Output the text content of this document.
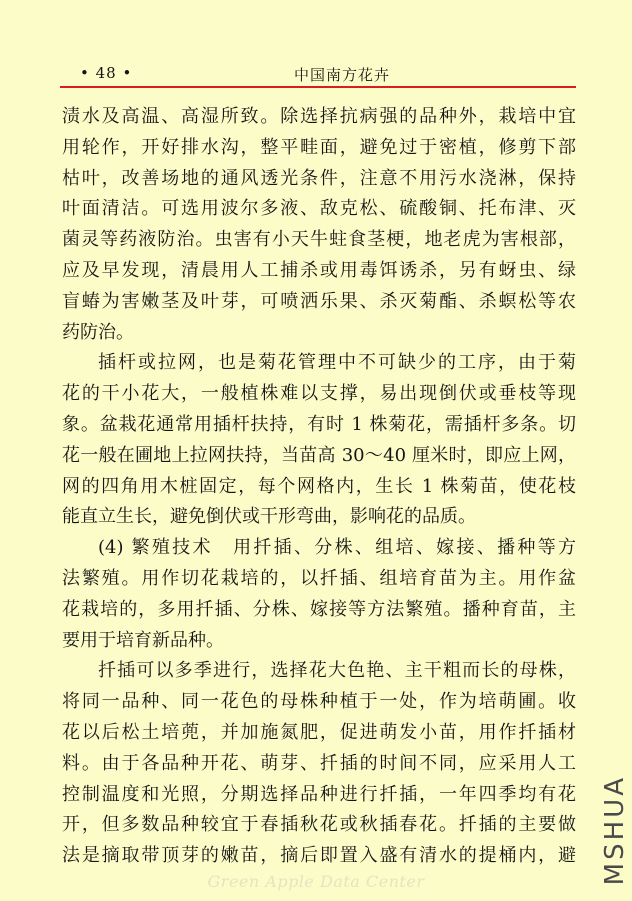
• 48 •	中国南方花卉
渍水及高温、高湿所致。除选择抗病强的品种外，栽培中宜
用轮作，开好排水沟，整平畦面，避免过于密植，修剪下部
枯叶，改善场地的通风透光条件，注意不用污水浇淋，保持
叶面清洁。可选用波尔多液、敌克松、硫酸铜、托布津、灭
菌灵等药液防治。虫害有小天牛蛀食茎梗，地老虎为害根部，
应及早发现，清晨用人工捕杀或用毒饵诱杀，另有蚜虫、绿
盲蝽为害嫩茎及叶芽，可喷洒乐果、杀灭菊酯、杀螟松等农
药防治。
插杆或拉网，也是菊花管理中不可缺少的工序，由于菊
花的干小花大，一般植株难以支撑，易出现倒伏或垂枝等现
象。盆栽花通常用插杆扶持，有时 1 株菊花，需插杆多条。切
花一般在圃地上拉网扶持，当苗高 30～40 厘米时，即应上网，
网的四角用木桩固定，每个网格内，生长 1 株菊苗，使花枝
能直立生长，避免倒伏或干形弯曲，影响花的品质。
(4) 繁殖技术　用扦插、分株、组培、嫁接、播种等方
法繁殖。用作切花栽培的，以扦插、组培育苗为主。用作盆
花栽培的，多用扦插、分株、嫁接等方法繁殖。播种育苗，主
要用于培育新品种。
扦插可以多季进行，选择花大色艳、主干粗而长的母株，
将同一品种、同一花色的母株种植于一处，作为培萌圃。收
花以后松土培蔸，并加施氮肥，促进萌发小苗，用作扦插材
料。由于各品种开花、萌芽、扦插的时间不同，应采用人工
控制温度和光照，分期选择品种进行扦插，一年四季均有花
开，但多数品种较宜于春插秋花或秋插春花。扦插的主要做
法是摘取带顶芽的嫩苗，摘后即置入盛有清水的提桶内，避
Green Apple Data Center	MSHUA
